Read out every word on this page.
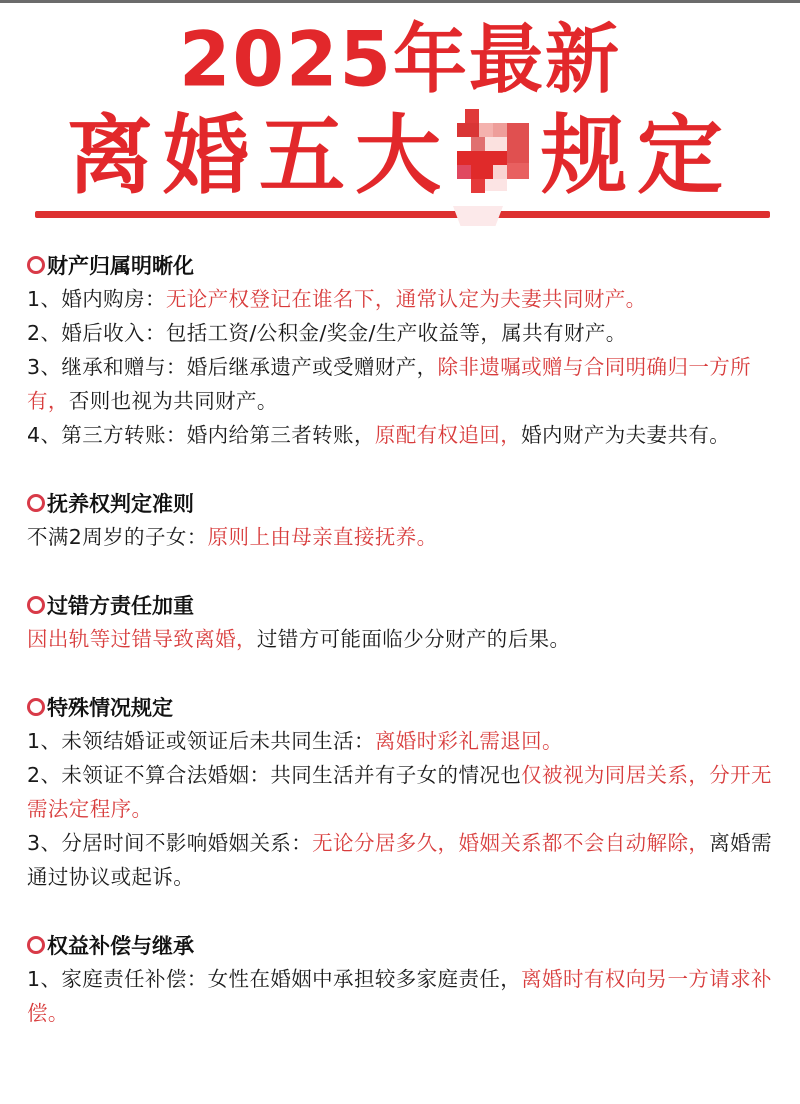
2025年最新
离婚五大 规定
财产归属明晰化
1、婚内购房：无论产权登记在谁名下，通常认定为夫妻共同财产。
2、婚后收入：包括工资/公积金/奖金/生产收益等，属共有财产。
3、继承和赠与：婚后继承遗产或受赠财产，除非遗嘱或赠与合同明确归一方所有，否则也视为共同财产。
4、第三方转账：婚内给第三者转账，原配有权追回，婚内财产为夫妻共有。
抚养权判定准则
不满2周岁的子女：原则上由母亲直接抚养。
过错方责任加重
因出轨等过错导致离婚，过错方可能面临少分财产的后果。
特殊情况规定
1、未领结婚证或领证后未共同生活：离婚时彩礼需退回。
2、未领证不算合法婚姻：共同生活并有子女的情况也仅被视为同居关系，分开无需法定程序。
3、分居时间不影响婚姻关系：无论分居多久，婚姻关系都不会自动解除，离婚需通过协议或起诉。
权益补偿与继承
1、家庭责任补偿：女性在婚姻中承担较多家庭责任，离婚时有权向另一方请求补偿。
